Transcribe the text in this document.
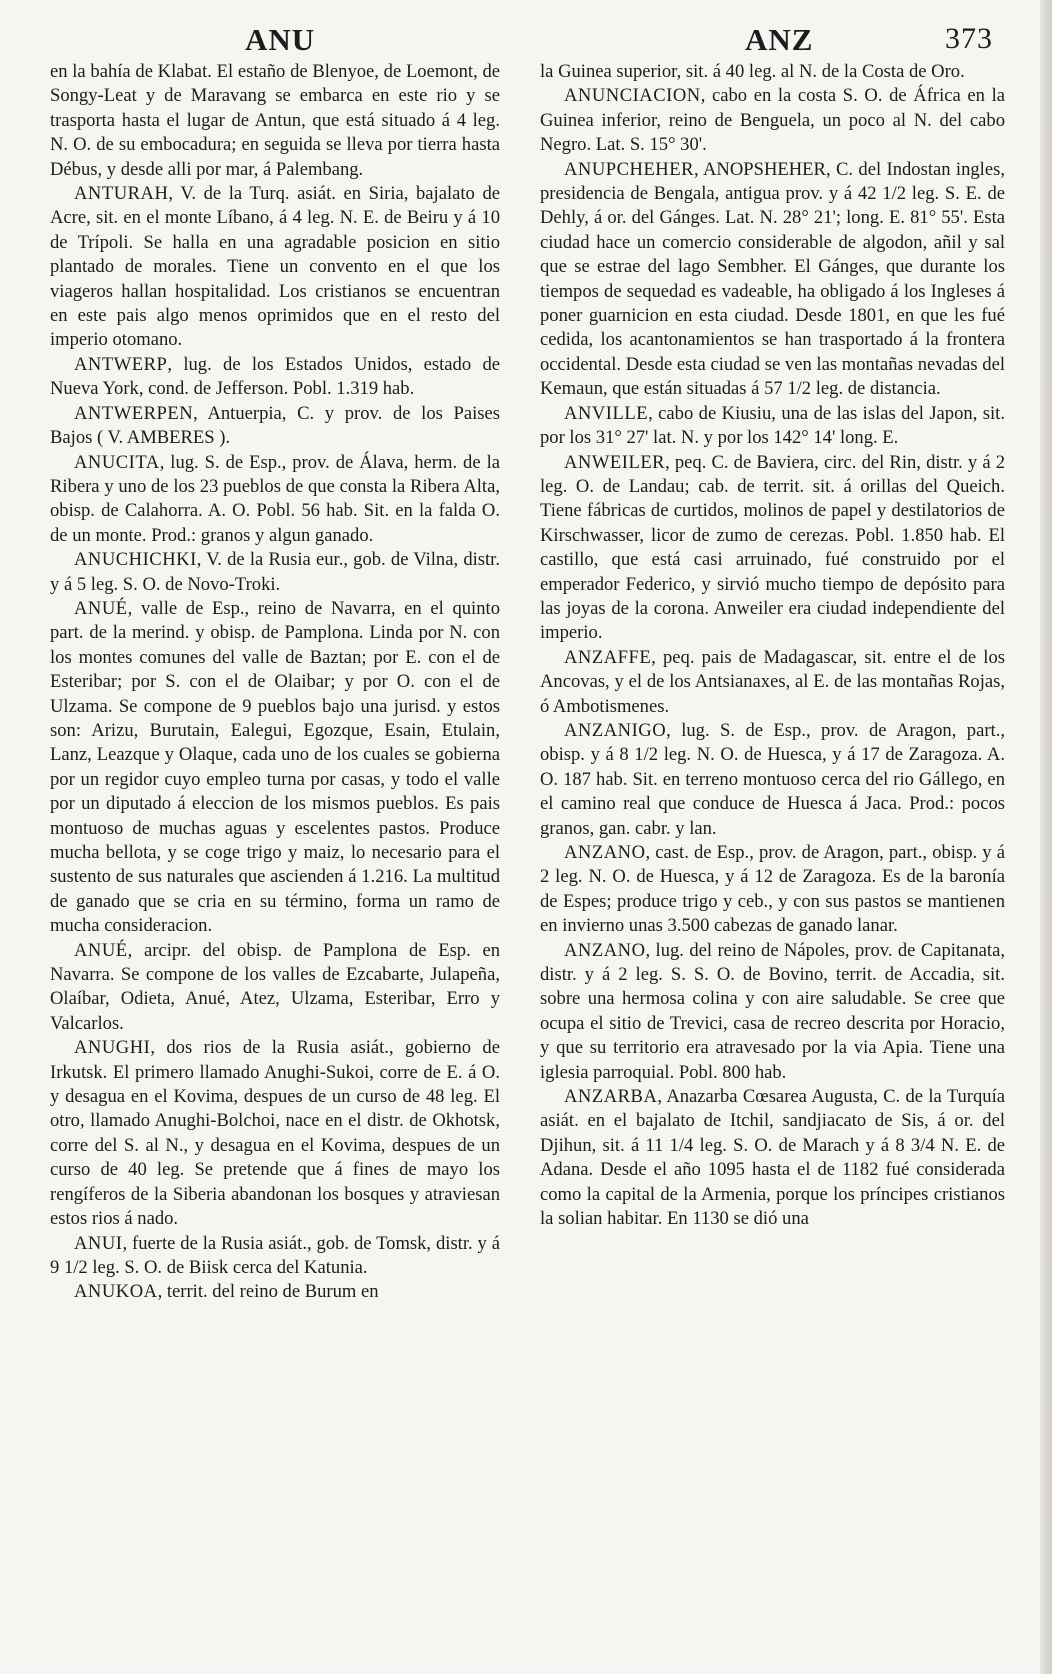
ANU	ANZ	373

en la bahía de Klabat. El estaño de Blenyoe, de Loemont, de Songy-Leat y de Maravang se embarca en este rio y se trasporta hasta el lugar de Antun, que está situado á 4 leg. N. O. de su embocadura; en seguida se lleva por tierra hasta Débus, y desde alli por mar, á Palembang.

ANTURAH, V. de la Turq. asiát. en Siria, bajalato de Acre, sit. en el monte Líbano, á 4 leg. N. E. de Beiru y á 10 de Trípoli. Se halla en una agradable posicion en sitio plantado de morales. Tiene un convento en el que los viageros hallan hospitalidad. Los cristianos se encuentran en este pais algo menos oprimidos que en el resto del imperio otomano.

ANTWERP, lug. de los Estados Unidos, estado de Nueva York, cond. de Jefferson. Pobl. 1.319 hab.

ANTWERPEN, Antuerpia, C. y prov. de los Paises Bajos ( V. AMBERES ).

ANUCITA, lug. S. de Esp., prov. de Álava, herm. de la Ribera y uno de los 23 pueblos de que consta la Ribera Alta, obisp. de Calahorra. A. O. Pobl. 56 hab. Sit. en la falda O. de un monte. Prod.: granos y algun ganado.

ANUCHICHKI, V. de la Rusia eur., gob. de Vilna, distr. y á 5 leg. S. O. de Novo-Troki.

ANUÉ, valle de Esp., reino de Navarra, en el quinto part. de la merind. y obisp. de Pamplona. Linda por N. con los montes comunes del valle de Baztan; por E. con el de Esteribar; por S. con el de Olaibar; y por O. con el de Ulzama. Se compone de 9 pueblos bajo una jurisd. y estos son: Arizu, Burutain, Ealegui, Egozque, Esain, Etulain, Lanz, Leazque y Olaque, cada uno de los cuales se gobierna por un regidor cuyo empleo turna por casas, y todo el valle por un diputado á eleccion de los mismos pueblos. Es pais montuoso de muchas aguas y escelentes pastos. Produce mucha bellota, y se coge trigo y maiz, lo necesario para el sustento de sus naturales que ascienden á 1.216. La multitud de ganado que se cria en su término, forma un ramo de mucha consideracion.

ANUÉ, arcipr. del obisp. de Pamplona de Esp. en Navarra. Se compone de los valles de Ezcabarte, Julapeña, Olaíbar, Odieta, Anué, Atez, Ulzama, Esteribar, Erro y Valcarlos.

ANUGHI, dos rios de la Rusia asiát., gobierno de Irkutsk. El primero llamado Anughi-Sukoi, corre de E. á O. y desagua en el Kovima, despues de un curso de 48 leg. El otro, llamado Anughi-Bolchoi, nace en el distr. de Okhotsk, corre del S. al N., y desagua en el Kovima, despues de un curso de 40 leg. Se pretende que á fines de mayo los rengíferos de la Siberia abandonan los bosques y atraviesan estos rios á nado.

ANUI, fuerte de la Rusia asiát., gob. de Tomsk, distr. y á 9 1/2 leg. S. O. de Biisk cerca del Katunia.

ANUKOA, territ. del reino de Burum en

la Guinea superior, sit. á 40 leg. al N. de la Costa de Oro.

ANUNCIACION, cabo en la costa S. O. de África en la Guinea inferior, reino de Benguela, un poco al N. del cabo Negro. Lat. S. 15° 30'.

ANUPCHEHER, ANOPSHEHER, C. del Indostan ingles, presidencia de Bengala, antigua prov. y á 42 1/2 leg. S. E. de Dehly, á or. del Gánges. Lat. N. 28° 21'; long. E. 81° 55'. Esta ciudad hace un comercio considerable de algodon, añil y sal que se estrae del lago Sembher. El Gánges, que durante los tiempos de sequedad es vadeable, ha obligado á los Ingleses á poner guarnicion en esta ciudad. Desde 1801, en que les fué cedida, los acantonamientos se han trasportado á la frontera occidental. Desde esta ciudad se ven las montañas nevadas del Kemaun, que están situadas á 57 1/2 leg. de distancia.

ANVILLE, cabo de Kiusiu, una de las islas del Japon, sit. por los 31° 27' lat. N. y por los 142° 14' long. E.

ANWEILER, peq. C. de Baviera, circ. del Rin, distr. y á 2 leg. O. de Landau; cab. de territ. sit. á orillas del Queich. Tiene fábricas de curtidos, molinos de papel y destilatorios de Kirschwasser, licor de zumo de cerezas. Pobl. 1.850 hab. El castillo, que está casi arruinado, fué construido por el emperador Federico, y sirvió mucho tiempo de depósito para las joyas de la corona. Anweiler era ciudad independiente del imperio.

ANZAFFE, peq. pais de Madagascar, sit. entre el de los Ancovas, y el de los Antsianaxes, al E. de las montañas Rojas, ó Ambotismenes.

ANZANIGO, lug. S. de Esp., prov. de Aragon, part., obisp. y á 8 1/2 leg. N. O. de Huesca, y á 17 de Zaragoza. A. O. 187 hab. Sit. en terreno montuoso cerca del rio Gállego, en el camino real que conduce de Huesca á Jaca. Prod.: pocos granos, gan. cabr. y lan.

ANZANO, cast. de Esp., prov. de Aragon, part., obisp. y á 2 leg. N. O. de Huesca, y á 12 de Zaragoza. Es de la baronía de Espes; produce trigo y ceb., y con sus pastos se mantienen en invierno unas 3.500 cabezas de ganado lanar.

ANZANO, lug. del reino de Nápoles, prov. de Capitanata, distr. y á 2 leg. S. S. O. de Bovino, territ. de Accadia, sit. sobre una hermosa colina y con aire saludable. Se cree que ocupa el sitio de Trevici, casa de recreo descrita por Horacio, y que su territorio era atravesado por la via Apia. Tiene una iglesia parroquial. Pobl. 800 hab.

ANZARBA, Anazarba Cœsarea Augusta, C. de la Turquía asiát. en el bajalato de Itchil, sandjiacato de Sis, á or. del Djihun, sit. á 11 1/4 leg. S. O. de Marach y á 8 3/4 N. E. de Adana. Desde el año 1095 hasta el de 1182 fué considerada como la capital de la Armenia, porque los príncipes cristianos la solian habitar. En 1130 se dió una
